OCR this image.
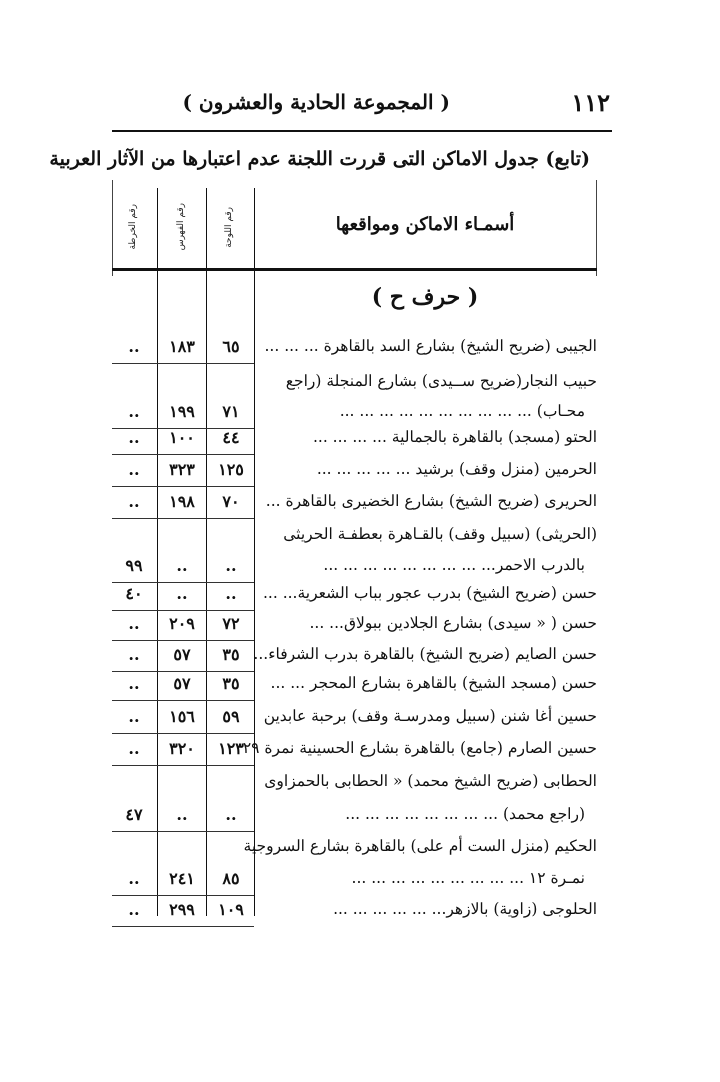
١١٢
( المجموعة الحادية والعشرون )
(تابع) جدول الاماكن التى قررت اللجنة عدم اعتبارها من الآثار العربية
أسمـاء الاماكن ومواقعها
رقم اللوحة
رقم الفهرس
رقم الخرطة
( حرف ح )
الجيبى (ضريح الشيخ) بشارع السد بالقاهرة ... ... ...
٦٥
١٨٣
..
حبيب النجار(ضريح ســيدى) بشارع المنجلة (راجع
محـاب) ... ... ... ... ... ... ... ... ... ...
٧١
١٩٩
..
الحتو (مسجد) بالقاهرة بالجمالية ... ... ... ...
٤٤
١٠٠
..
الحرمين (منزل وقف) برشيد ... ... ... ... ...
١٢٥
٣٢٣
..
الحريرى (ضريح الشيخ) بشارع الخضيرى بالقاهرة ...
٧٠
١٩٨
..
(الحريثى) (سبيل وقف) بالقـاهرة بعطفـة الحريثى
بالدرب الاحمر... ... ... ... ... ... ... ... ...
..
..
٩٩
حسن (ضريح الشيخ) بدرب عجور بباب الشعرية... ...
..
..
٤٠
حسن ( « سيدى) بشارع الجلادين ببولاق... ...
٧٢
٢٠٩
..
حسن الصايم (ضريح الشيخ) بالقاهرة بدرب الشرفاء...
٣٥
٥٧
..
حسن (مسجد الشيخ) بالقاهرة بشارع المحجر ... ...
٣٥
٥٧
..
حسين أغا شنن (سبيل ومدرسـة وقف) برحبة عابدين
٥٩
١٥٦
..
حسين الصارم (جامع) بالقاهرة بشارع الحسينية نمرة ٢٩
١٢٣
٣٢٠
..
الحطابى (ضريح الشيخ محمد) « الحطابى بالحمزاوى
(راجع محمد) ... ... ... ... ... ... ... ...
..
..
٤٧
الحكيم (منزل الست أم على) بالقاهرة بشارع السروجية
نمـرة ١٢ ... ... ... ... ... ... ... ... ...
٨٥
٢٤١
..
الحلوجى (زاوية) بالازهر... ... ... ... ... ...
١٠٩
٢٩٩
..
